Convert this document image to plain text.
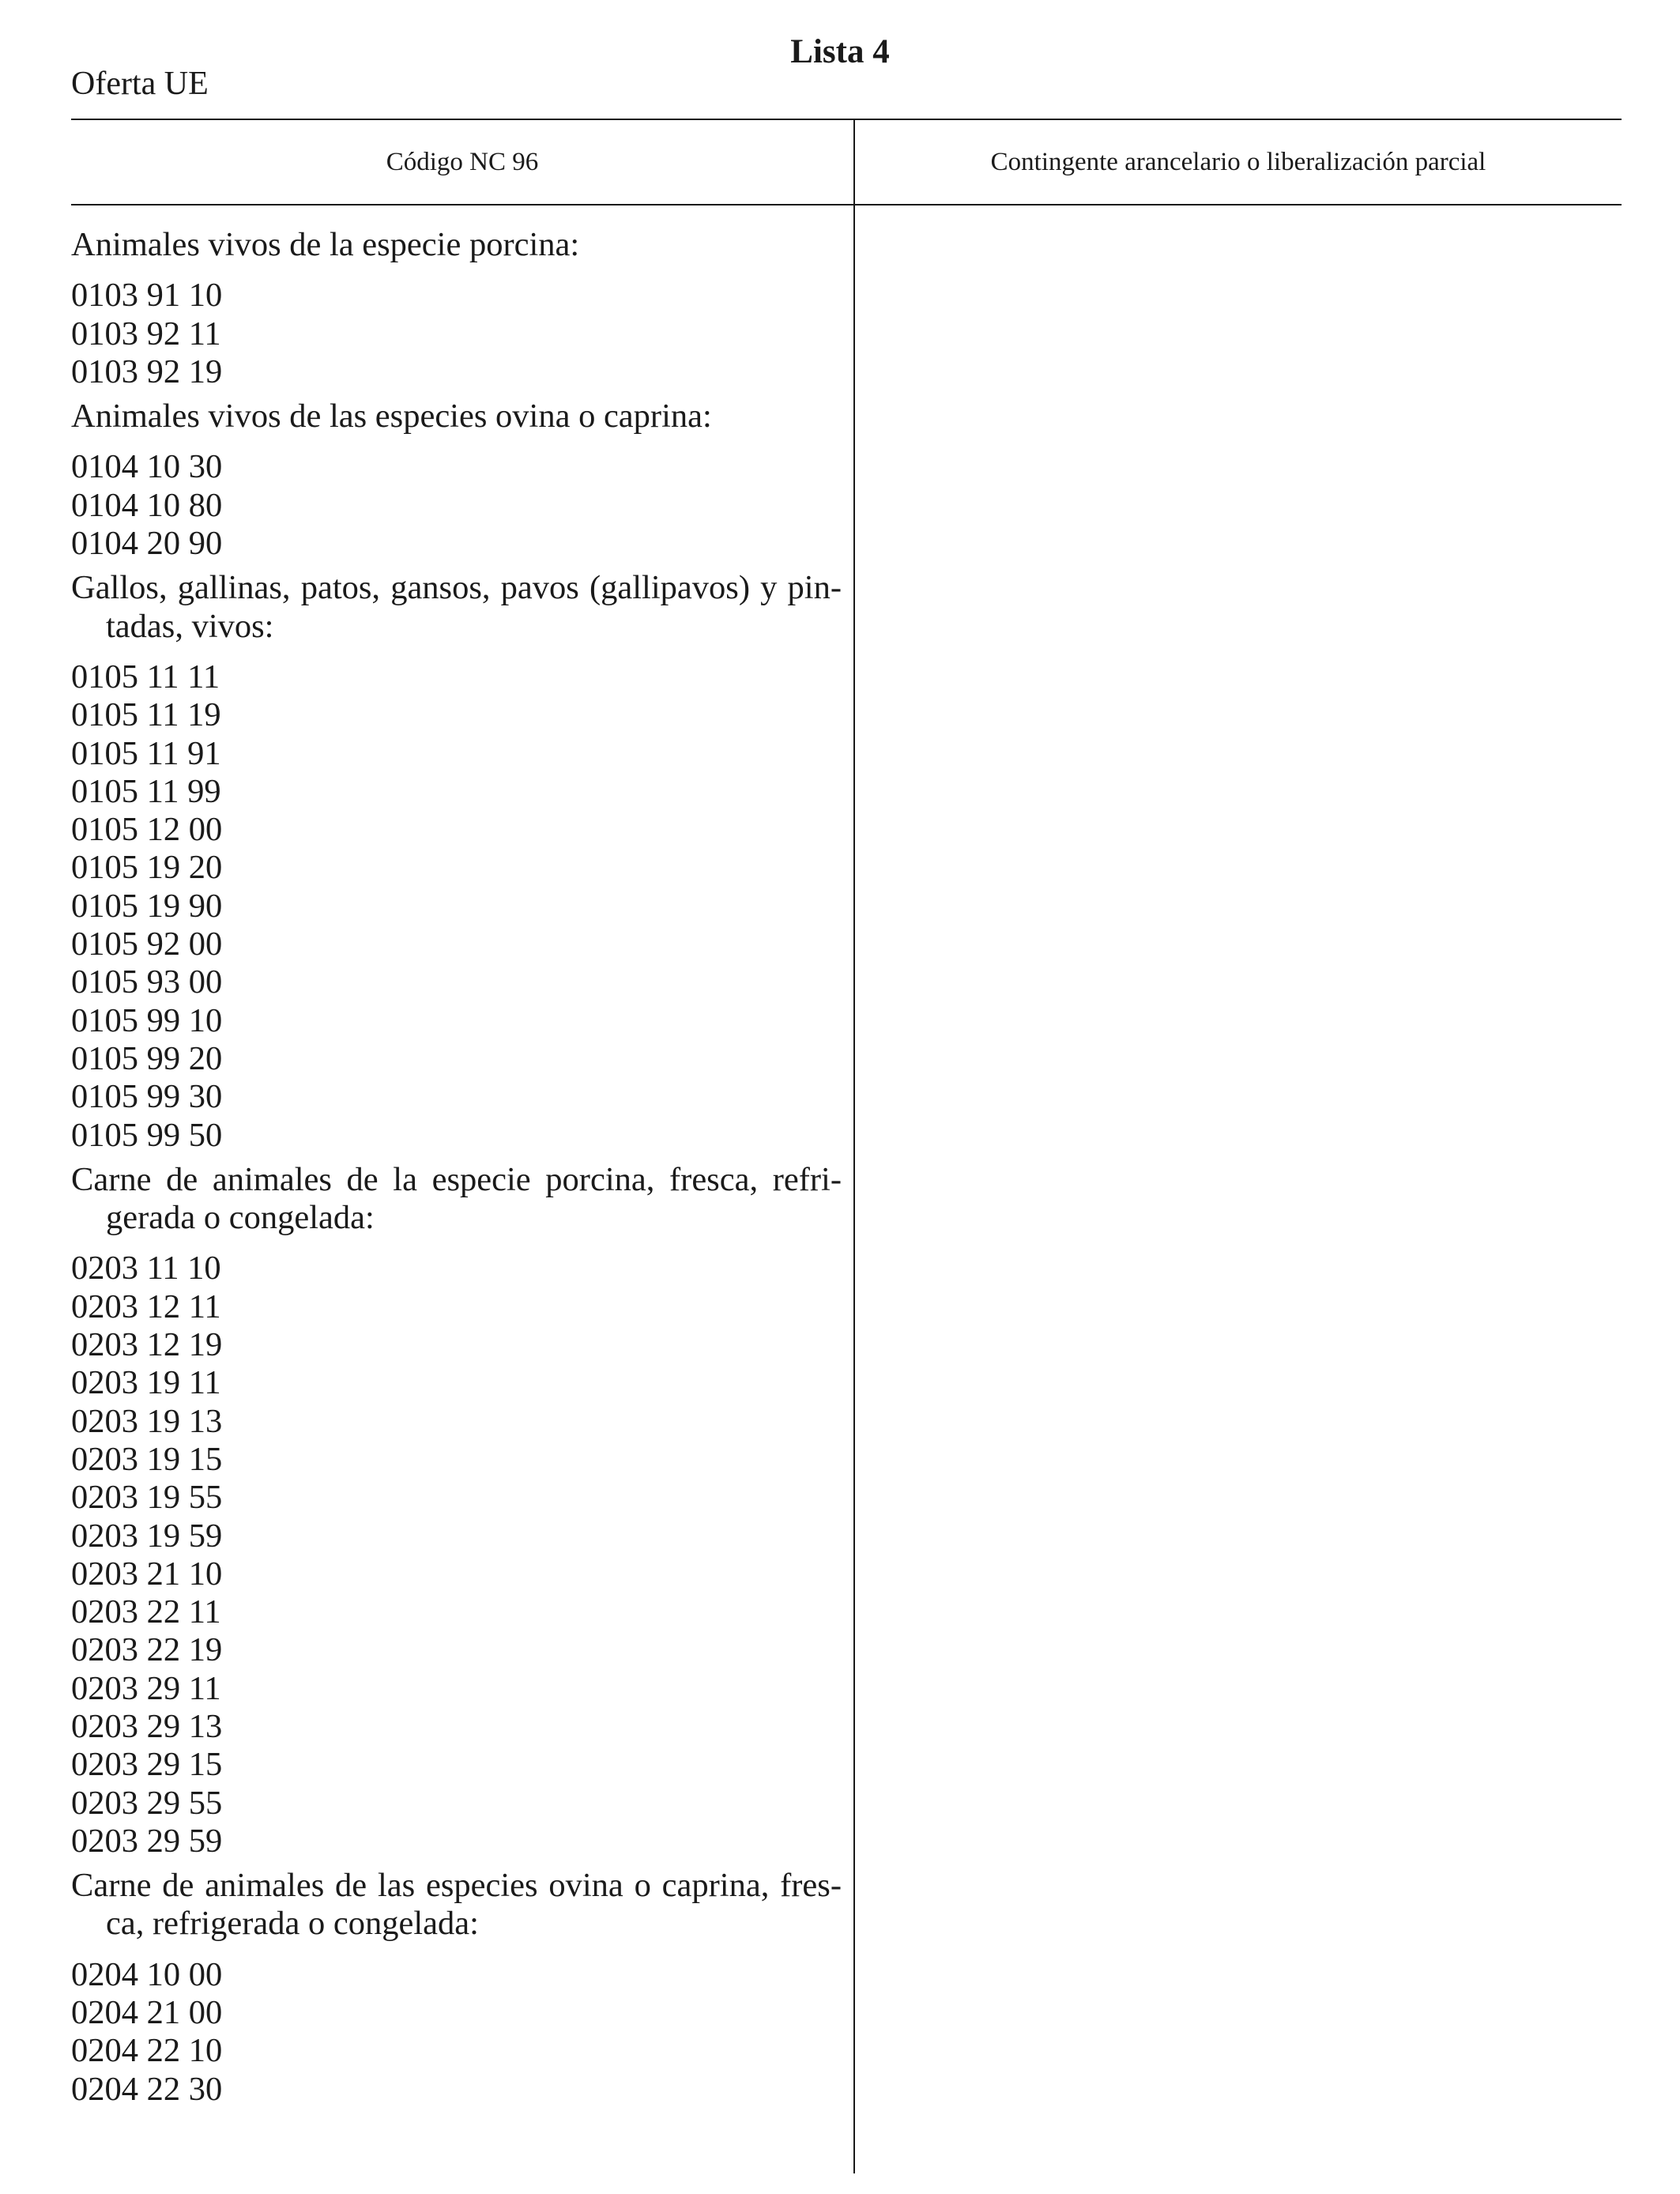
Lista 4
Oferta UE
Código NC 96	Contingente arancelario o liberalización parcial
Animales vivos de la especie porcina:
0103 91 10
0103 92 11
0103 92 19
Animales vivos de las especies ovina o caprina:
0104 10 30
0104 10 80
0104 20 90
Gallos, gallinas, patos, gansos, pavos (gallipavos) y pin-tadas, vivos:
0105 11 11
0105 11 19
0105 11 91
0105 11 99
0105 12 00
0105 19 20
0105 19 90
0105 92 00
0105 93 00
0105 99 10
0105 99 20
0105 99 30
0105 99 50
Carne de animales de la especie porcina, fresca, refri-gerada o congelada:
0203 11 10
0203 12 11
0203 12 19
0203 19 11
0203 19 13
0203 19 15
0203 19 55
0203 19 59
0203 21 10
0203 22 11
0203 22 19
0203 29 11
0203 29 13
0203 29 15
0203 29 55
0203 29 59
Carne de animales de las especies ovina o caprina, fres-ca, refrigerada o congelada:
0204 10 00
0204 21 00
0204 22 10
0204 22 30
